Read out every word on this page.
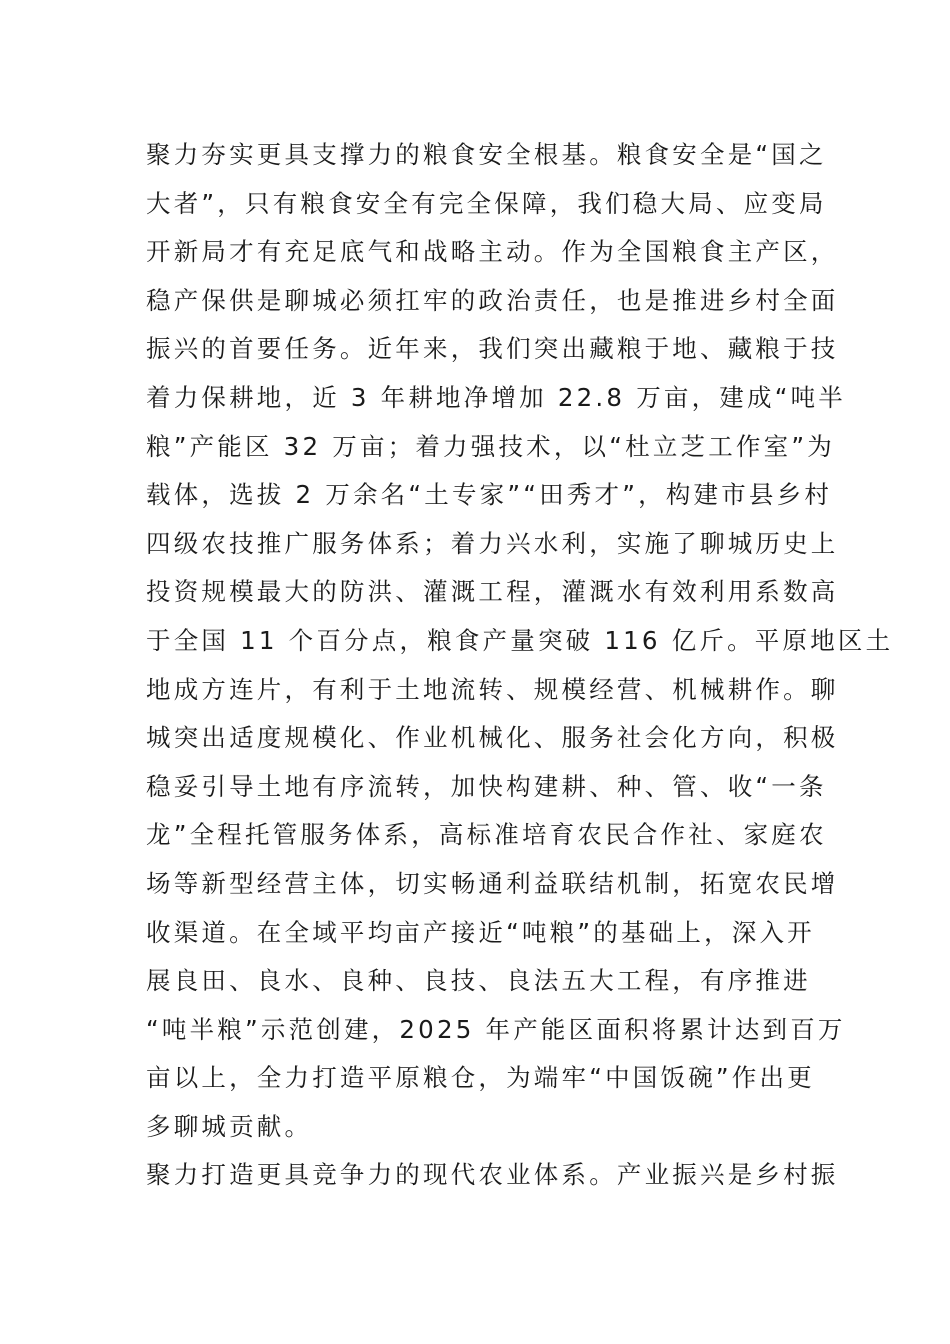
聚力夯实更具支撑力的粮食安全根基。粮食安全是“国之
大者”，只有粮食安全有完全保障，我们稳大局、应变局
开新局才有充足底气和战略主动。作为全国粮食主产区，
稳产保供是聊城必须扛牢的政治责任，也是推进乡村全面
振兴的首要任务。近年来，我们突出藏粮于地、藏粮于技
着力保耕地，近 3 年耕地净增加 22.8 万亩，建成“吨半
粮”产能区 32 万亩；着力强技术，以“杜立芝工作室”为
载体，选拔 2 万余名“土专家”“田秀才”，构建市县乡村
四级农技推广服务体系；着力兴水利，实施了聊城历史上
投资规模最大的防洪、灌溉工程，灌溉水有效利用系数高
于全国 11 个百分点，粮食产量突破 116 亿斤。平原地区土
地成方连片，有利于土地流转、规模经营、机械耕作。聊
城突出适度规模化、作业机械化、服务社会化方向，积极
稳妥引导土地有序流转，加快构建耕、种、管、收“一条
龙”全程托管服务体系，高标准培育农民合作社、家庭农
场等新型经营主体，切实畅通利益联结机制，拓宽农民增
收渠道。在全域平均亩产接近“吨粮”的基础上，深入开
展良田、良水、良种、良技、良法五大工程，有序推进
“吨半粮”示范创建，2025 年产能区面积将累计达到百万
亩以上，全力打造平原粮仓，为端牢“中国饭碗”作出更
多聊城贡献。
聚力打造更具竞争力的现代农业体系。产业振兴是乡村振
